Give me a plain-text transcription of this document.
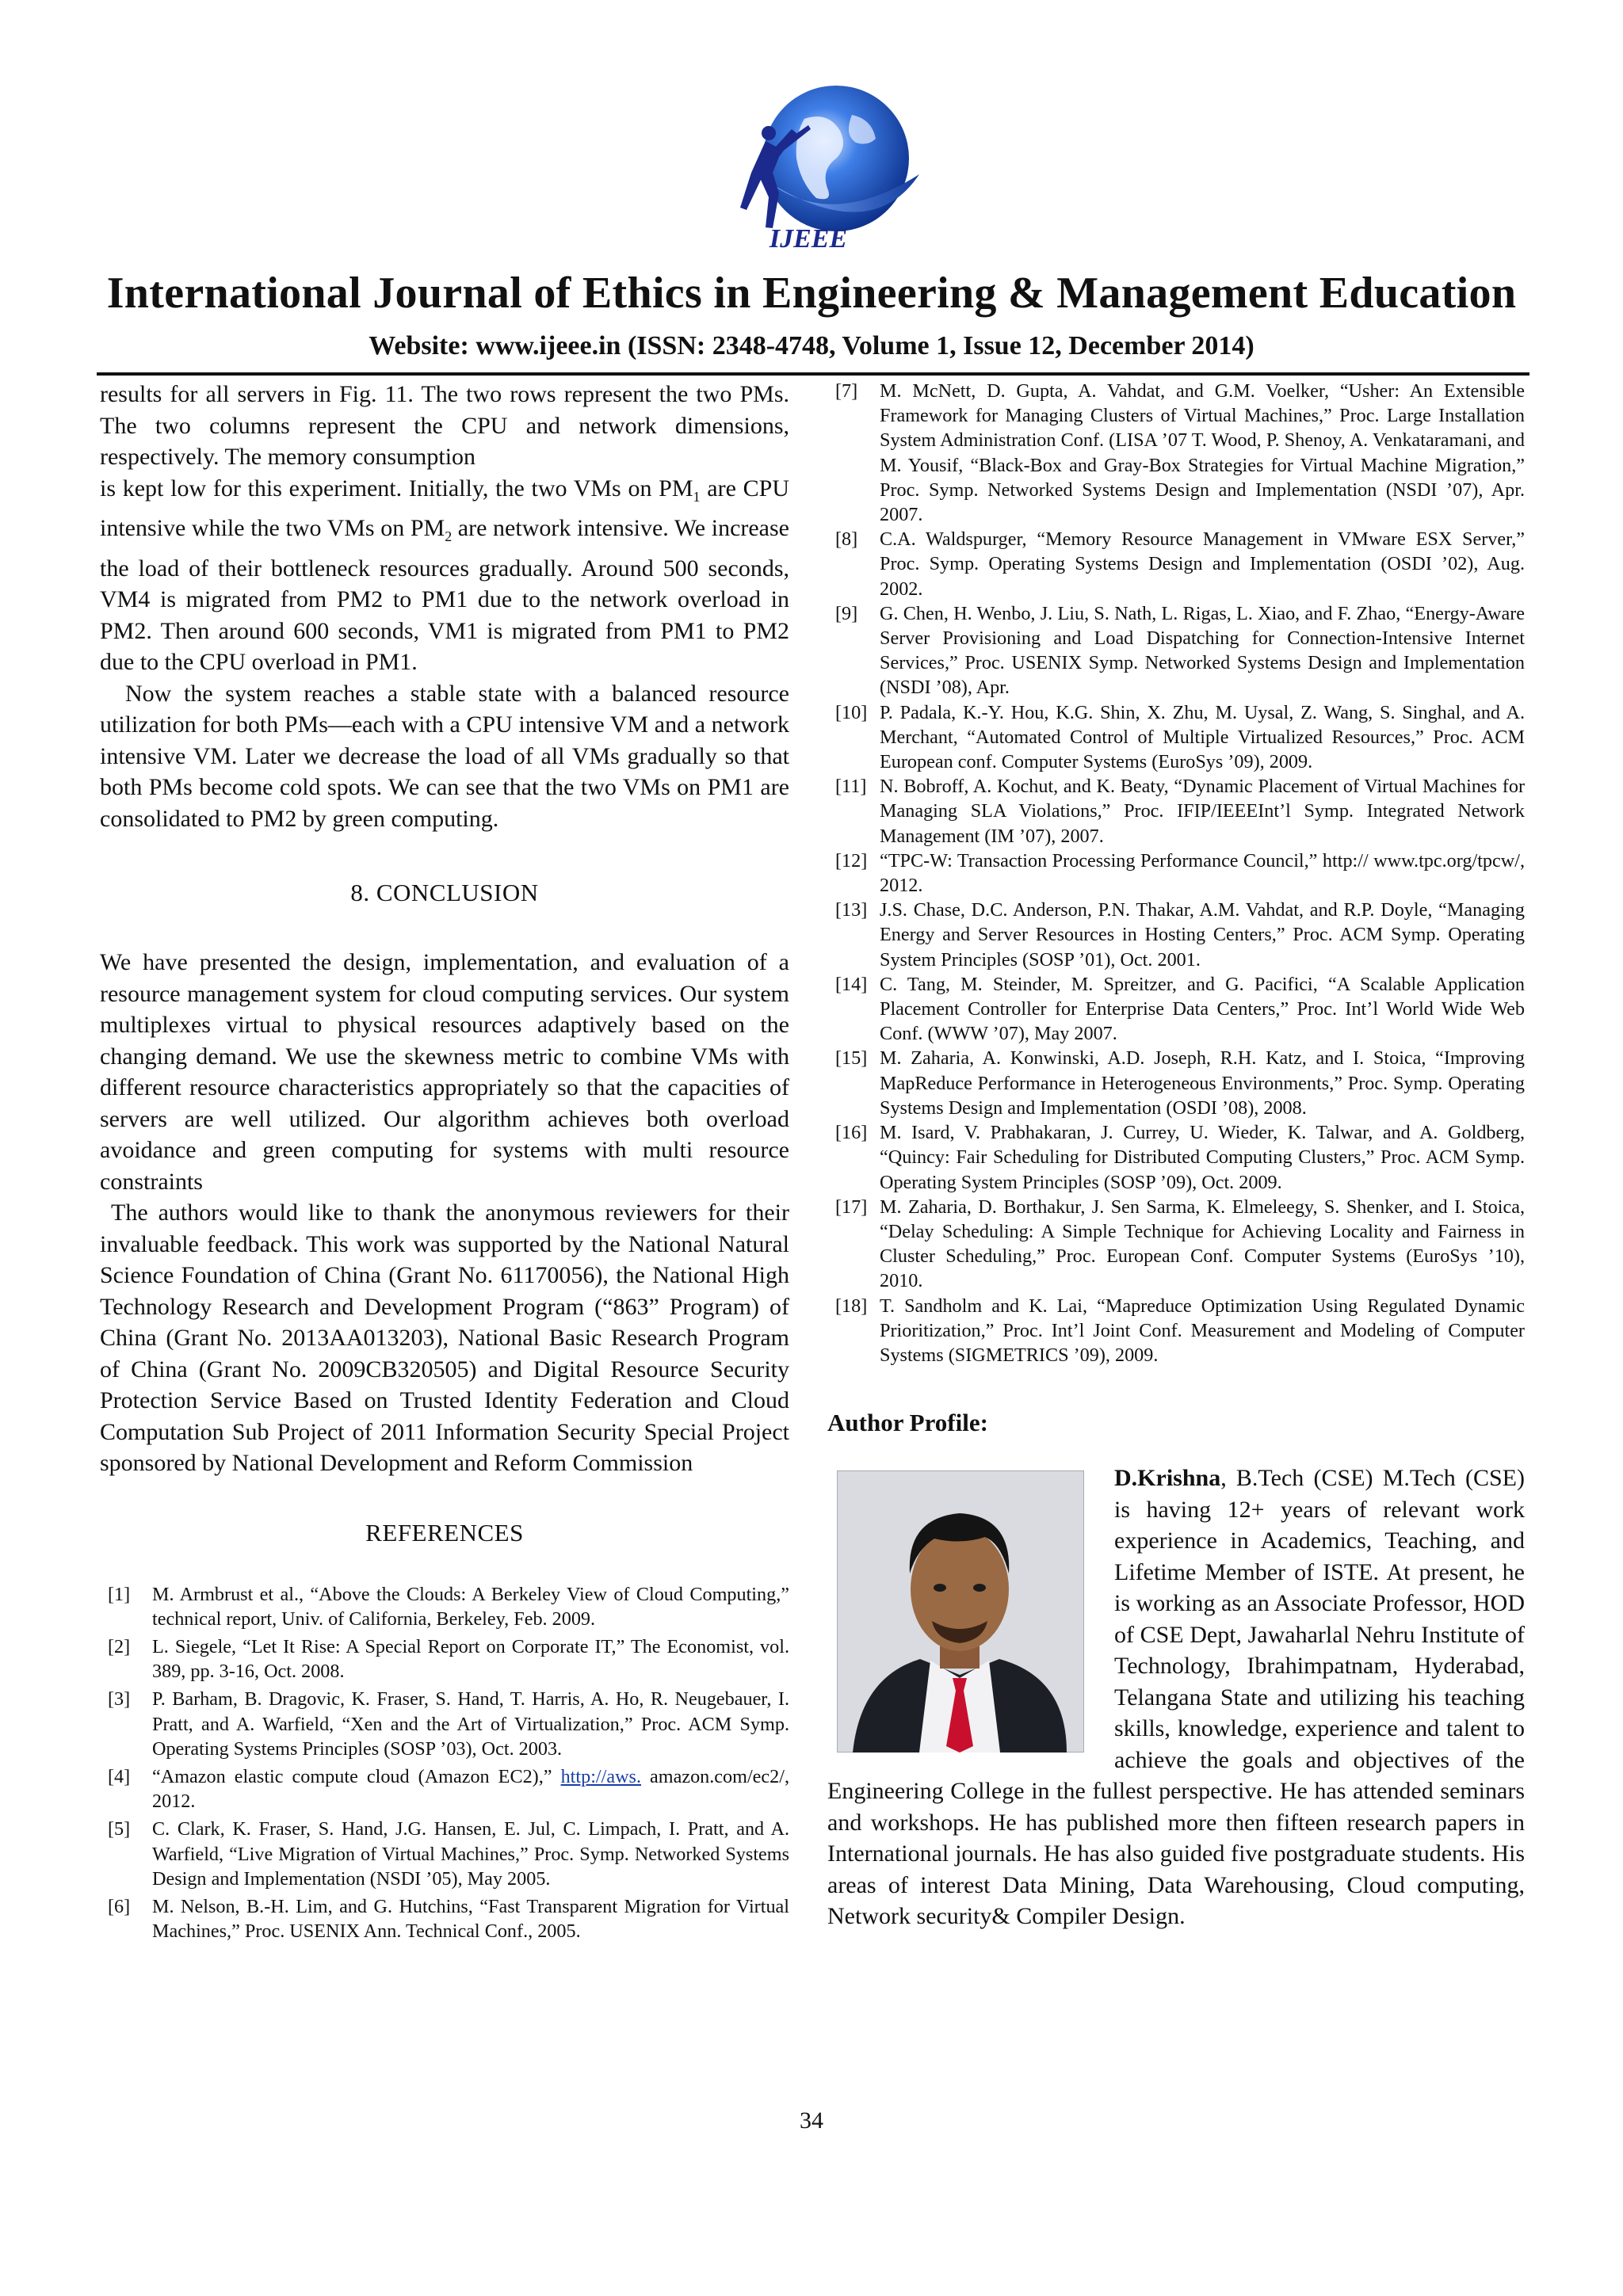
IJEEE
International Journal of Ethics in Engineering & Management Education
Website: www.ijeee.in (ISSN: 2348-4748, Volume 1, Issue 12, December 2014)

results for all servers in Fig. 11. The two rows represent the two PMs. The two columns represent the CPU and network dimensions, respectively. The memory consumption
is kept low for this experiment. Initially, the two VMs on $PM_1$ are CPU intensive while the two VMs on $PM_2$ are network intensive. We increase the load of their bottleneck resources gradually. Around 500 seconds, VM4 is migrated from PM2 to PM1 due to the network overload in PM2. Then around 600 seconds, VM1 is migrated from PM1 to PM2 due to the CPU overload in PM1.

Now the system reaches a stable state with a balanced resource utilization for both PMs—each with a CPU intensive VM and a network intensive VM. Later we decrease the load of all VMs gradually so that both PMs become cold spots. We can see that the two VMs on PM1 are consolidated to PM2 by green computing.

8. CONCLUSION

We have presented the design, implementation, and evaluation of a resource management system for cloud computing services. Our system multiplexes virtual to physical resources adaptively based on the changing demand. We use the skewness metric to combine VMs with different resource characteristics appropriately so that the capacities of servers are well utilized. Our algorithm achieves both overload avoidance and green computing for systems with multi resource constraints

The authors would like to thank the anonymous reviewers for their invaluable feedback. This work was supported by the National Natural Science Foundation of China (Grant No. 61170056), the National High Technology Research and Development Program (“863” Program) of China (Grant No. 2013AA013203), National Basic Research Program of China (Grant No. 2009CB320505) and Digital Resource Security Protection Service Based on Trusted Identity Federation and Cloud Computation Sub Project of 2011 Information Security Special Project sponsored by National Development and Reform Commission

REFERENCES
[1]	M. Armbrust et al., “Above the Clouds: A Berkeley View of Cloud Computing,” technical report, Univ. of California, Berkeley, Feb. 2009.
[2]	L. Siegele, “Let It Rise: A Special Report on Corporate IT,” The Economist, vol. 389, pp. 3-16, Oct. 2008.
[3]	P. Barham, B. Dragovic, K. Fraser, S. Hand, T. Harris, A. Ho, R. Neugebauer, I. Pratt, and A. Warfield, “Xen and the Art of Virtualization,” Proc. ACM Symp. Operating Systems Principles (SOSP ’03), Oct. 2003.
[4]	“Amazon elastic compute cloud (Amazon EC2),” http://aws. amazon.com/ec2/, 2012.
[5]	C. Clark, K. Fraser, S. Hand, J.G. Hansen, E. Jul, C. Limpach, I. Pratt, and A. Warfield, “Live Migration of Virtual Machines,” Proc. Symp. Networked Systems Design and Implementation (NSDI ’05), May 2005.
[6]	M. Nelson, B.-H. Lim, and G. Hutchins, “Fast Transparent Migration for Virtual Machines,” Proc. USENIX Ann. Technical Conf., 2005.
[7]	M. McNett, D. Gupta, A. Vahdat, and G.M. Voelker, “Usher: An Extensible Framework for Managing Clusters of Virtual Machines,” Proc. Large Installation System Administration Conf. (LISA ’07 T. Wood, P. Shenoy, A. Venkataramani, and M. Yousif, “Black-Box and Gray-Box Strategies for Virtual Machine Migration,” Proc. Symp. Networked Systems Design and Implementation (NSDI ’07), Apr. 2007.
[8]	C.A. Waldspurger, “Memory Resource Management in VMware ESX Server,” Proc. Symp. Operating Systems Design and Implementation (OSDI ’02), Aug. 2002.
[9]	G. Chen, H. Wenbo, J. Liu, S. Nath, L. Rigas, L. Xiao, and F. Zhao, “Energy-Aware Server Provisioning and Load Dispatching for Connection-Intensive Internet Services,” Proc. USENIX Symp. Networked Systems Design and Implementation (NSDI ’08), Apr.
[10] P. Padala, K.-Y. Hou, K.G. Shin, X. Zhu, M. Uysal, Z. Wang, S. Singhal, and A. Merchant, “Automated Control of Multiple Virtualized Resources,” Proc. ACM European conf. Computer Systems (EuroSys ’09), 2009.
[11] N. Bobroff, A. Kochut, and K. Beaty, “Dynamic Placement of Virtual Machines for Managing SLA Violations,” Proc. IFIP/IEEEInt’l Symp. Integrated Network Management (IM ’07), 2007.
[12] “TPC-W: Transaction Processing Performance Council,” http:// www.tpc.org/tpcw/, 2012.
[13] J.S. Chase, D.C. Anderson, P.N. Thakar, A.M. Vahdat, and R.P. Doyle, “Managing Energy and Server Resources in Hosting Centers,” Proc. ACM Symp. Operating System Principles (SOSP ’01), Oct. 2001.
[14] C. Tang, M. Steinder, M. Spreitzer, and G. Pacifici, “A Scalable Application Placement Controller for Enterprise Data Centers,” Proc. Int’l World Wide Web Conf. (WWW ’07), May 2007.
[15] M. Zaharia, A. Konwinski, A.D. Joseph, R.H. Katz, and I. Stoica, “Improving MapReduce Performance in Heterogeneous Environments,” Proc. Symp. Operating Systems Design and Implementation (OSDI ’08), 2008.
[16] M. Isard, V. Prabhakaran, J. Currey, U. Wieder, K. Talwar, and A. Goldberg, “Quincy: Fair Scheduling for Distributed Computing Clusters,” Proc. ACM Symp. Operating System Principles (SOSP ’09), Oct. 2009.
[17] M. Zaharia, D. Borthakur, J. Sen Sarma, K. Elmeleegy, S. Shenker, and I. Stoica, “Delay Scheduling: A Simple Technique for Achieving Locality and Fairness in Cluster Scheduling,” Proc. European Conf. Computer Systems (EuroSys ’10), 2010.
[18] T. Sandholm and K. Lai, “Mapreduce Optimization Using Regulated Dynamic Prioritization,” Proc. Int’l Joint Conf. Measurement and Modeling of Computer Systems (SIGMETRICS ’09), 2009.
Author Profile:

D.Krishna, B.Tech (CSE) M.Tech (CSE) is having 12+ years of relevant work experience in Academics, Teaching, and Lifetime Member of ISTE. At present, he is working as an Associate Professor, HOD of CSE Dept, Jawaharlal Nehru Institute of Technology, Ibrahimpatnam, Hyderabad, Telangana State and utilizing his teaching skills, knowledge, experience and talent to achieve the goals and objectives of the Engineering College in the fullest perspective. He has attended seminars and workshops. He has published more then fifteen research papers in International journals. He has also guided five postgraduate students. His areas of interest Data Mining, Data Warehousing, Cloud computing, Network security& Compiler Design.

34
